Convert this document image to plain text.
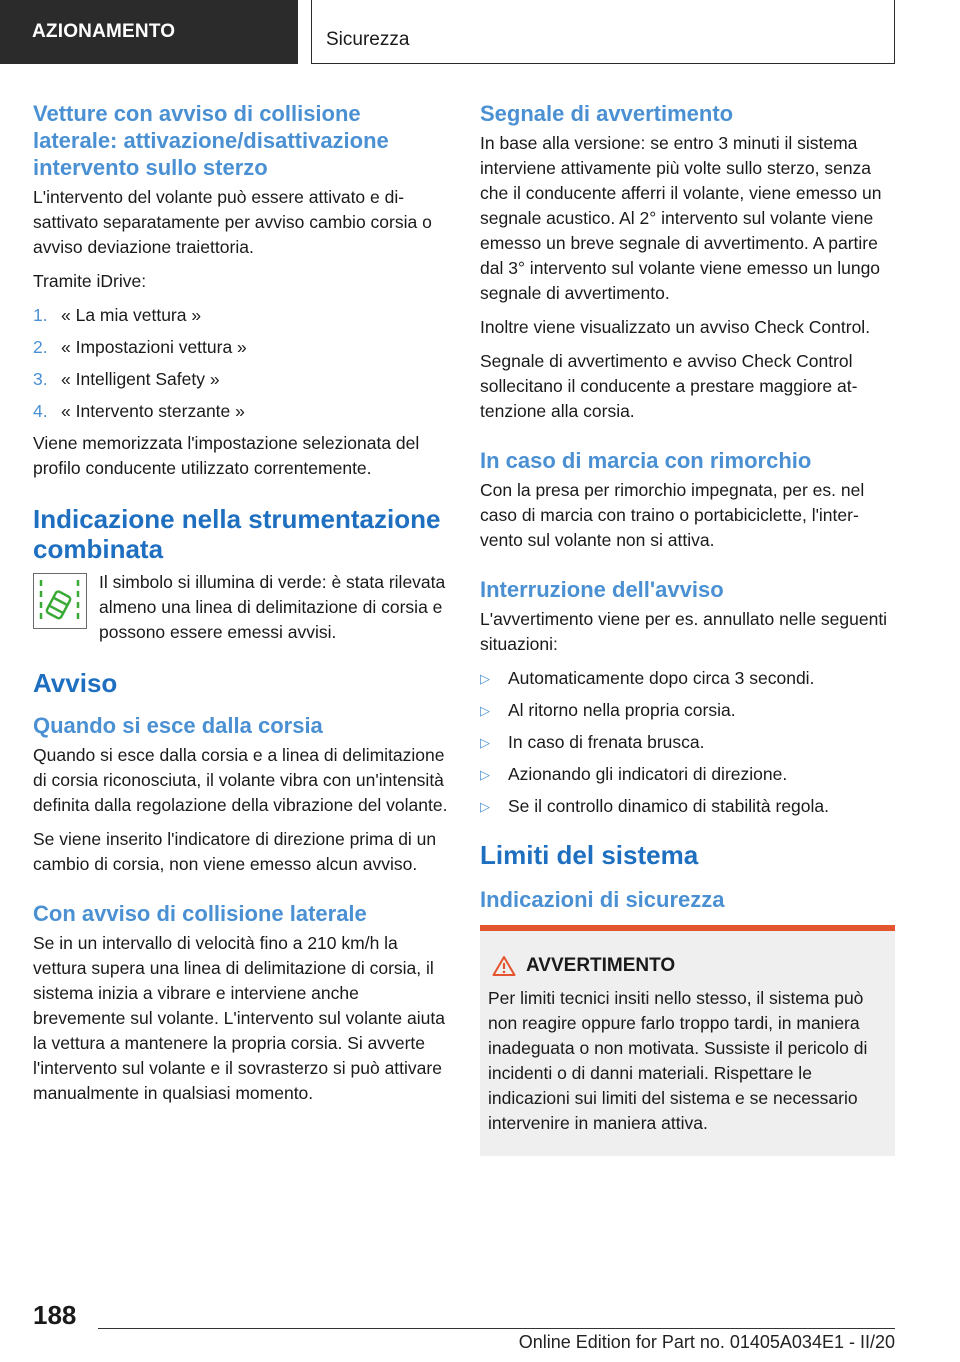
AZIONAMENTO	Sicurezza
Vetture con avviso di collisione laterale: attivazione/disattivazione intervento sullo sterzo

L'intervento del volante può essere attivato e disattivato separatamente per avviso cambio corsia o avviso deviazione traiettoria.

Tramite iDrive:

1. « La mia vettura »
2. « Impostazioni vettura »
3. « Intelligent Safety »
4. « Intervento sterzante »

Viene memorizzata l'impostazione selezionata del profilo conducente utilizzato correntemente.

Indicazione nella strumentazione combinata
Il simbolo si illumina di verde: è stata rilevata almeno una linea di delimitazione di corsia e possono essere emessi avvisi.
Avviso
Quando si esce dalla corsia

Quando si esce dalla corsia e a linea di delimitazione di corsia riconosciuta, il volante vibra con un'intensità definita dalla regolazione della vibrazione del volante.

Se viene inserito l'indicatore di direzione prima di un cambio di corsia, non viene emesso alcun avviso.

Con avviso di collisione laterale

Se in un intervallo di velocità fino a 210 km/h la vettura supera una linea di delimitazione di corsia, il sistema inizia a vibrare e interviene anche brevemente sul volante. L'intervento sul volante aiuta la vettura a mantenere la propria corsia. Si avverte l'intervento sul volante e il sovrasterzo si può attivare manualmente in qualsiasi momento.

Segnale di avvertimento

In base alla versione: se entro 3 minuti il sistema interviene attivamente più volte sullo sterzo, senza che il conducente afferri il volante, viene emesso un segnale acustico. Al 2° intervento sul volante viene emesso un breve segnale di avvertimento. A partire dal 3° intervento sul volante viene emesso un lungo segnale di avvertimento.

Inoltre viene visualizzato un avviso Check Control.

Segnale di avvertimento e avviso Check Control sollecitano il conducente a prestare maggiore attenzione alla corsia.

In caso di marcia con rimorchio

Con la presa per rimorchio impegnata, per es. nel caso di marcia con traino o portabiciclette, l'intervento sul volante non si attiva.

Interruzione dell'avviso

L'avvertimento viene per es. annullato nelle seguenti situazioni:

▷	Automaticamente dopo circa 3 secondi.
▷	Al ritorno nella propria corsia.
▷	In caso di frenata brusca.
▷	Azionando gli indicatori di direzione.
▷	Se il controllo dinamico di stabilità regola.
Limiti del sistema
Indicazioni di sicurezza
AVVERTIMENTO
Per limiti tecnici insiti nello stesso, il sistema può non reagire oppure farlo troppo tardi, in maniera inadeguata o non motivata. Sussiste il pericolo di incidenti o di danni materiali. Rispettare le indicazioni sui limiti del sistema e se necessario intervenire in maniera attiva.
188
Online Edition for Part no. 01405A034E1 - II/20
